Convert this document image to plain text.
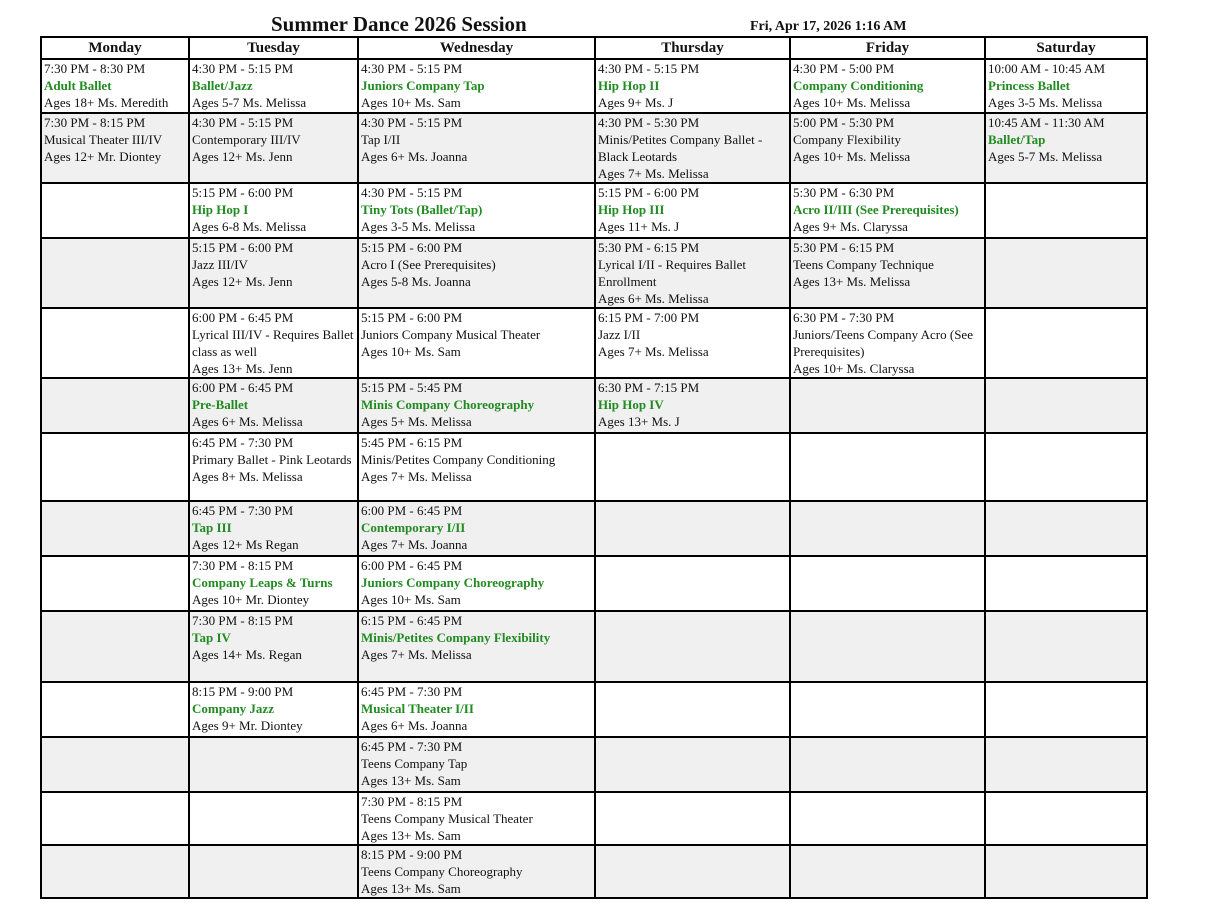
Summer Dance 2026 Session	Fri, Apr 17, 2026 1:16 AM
Monday	Tuesday	Wednesday	Thursday	Friday	Saturday

7:30 PM - 8:30 PM
Adult Ballet
Ages 18+ Ms. Meredith	4:30 PM - 5:15 PM
Ballet/Jazz
Ages 5-7 Ms. Melissa	4:30 PM - 5:15 PM
Juniors Company Tap
Ages 10+ Ms. Sam	4:30 PM - 5:15 PM
Hip Hop II
Ages 9+ Ms. J	4:30 PM - 5:00 PM
Company Conditioning
Ages 10+ Ms. Melissa	10:00 AM - 10:45 AM
Princess Ballet
Ages 3-5 Ms. Melissa

7:30 PM - 8:15 PM
Musical Theater III/IV
Ages 12+ Mr. Diontey	4:30 PM - 5:15 PM
Contemporary III/IV
Ages 12+ Ms. Jenn	4:30 PM - 5:15 PM
Tap I/II
Ages 6+ Ms. Joanna	4:30 PM - 5:30 PM
Minis/Petites Company Ballet - Black Leotards
Ages 7+ Ms. Melissa	5:00 PM - 5:30 PM
Company Flexibility
Ages 10+ Ms. Melissa	10:45 AM - 11:30 AM
Ballet/Tap
Ages 5-7 Ms. Melissa

	5:15 PM - 6:00 PM
Hip Hop I
Ages 6-8 Ms. Melissa	4:30 PM - 5:15 PM
Tiny Tots (Ballet/Tap)
Ages 3-5 Ms. Melissa	5:15 PM - 6:00 PM
Hip Hop III
Ages 11+ Ms. J	5:30 PM - 6:30 PM
Acro II/III (See Prerequisites)
Ages 9+ Ms. Claryssa	

	5:15 PM - 6:00 PM
Jazz III/IV
Ages 12+ Ms. Jenn	5:15 PM - 6:00 PM
Acro I (See Prerequisites)
Ages 5-8 Ms. Joanna	5:30 PM - 6:15 PM
Lyrical I/II - Requires Ballet Enrollment
Ages 6+ Ms. Melissa	5:30 PM - 6:15 PM
Teens Company Technique
Ages 13+ Ms. Melissa	

	6:00 PM - 6:45 PM
Lyrical III/IV - Requires Ballet class as well
Ages 13+ Ms. Jenn	5:15 PM - 6:00 PM
Juniors Company Musical Theater
Ages 10+ Ms. Sam	6:15 PM - 7:00 PM
Jazz I/II
Ages 7+ Ms. Melissa	6:30 PM - 7:30 PM
Juniors/Teens Company Acro (See Prerequisites)
Ages 10+ Ms. Claryssa	

	6:00 PM - 6:45 PM
Pre-Ballet
Ages 6+ Ms. Melissa	5:15 PM - 5:45 PM
Minis Company Choreography
Ages 5+ Ms. Melissa	6:30 PM - 7:15 PM
Hip Hop IV
Ages 13+ Ms. J		

	6:45 PM - 7:30 PM
Primary Ballet - Pink Leotards
Ages 8+ Ms. Melissa	5:45 PM - 6:15 PM
Minis/Petites Company Conditioning
Ages 7+ Ms. Melissa			

	6:45 PM - 7:30 PM
Tap III
Ages 12+ Ms Regan	6:00 PM - 6:45 PM
Contemporary I/II
Ages 7+ Ms. Joanna			

	7:30 PM - 8:15 PM
Company Leaps & Turns
Ages 10+ Mr. Diontey	6:00 PM - 6:45 PM
Juniors Company Choreography
Ages 10+ Ms. Sam			

	7:30 PM - 8:15 PM
Tap IV
Ages 14+ Ms. Regan	6:15 PM - 6:45 PM
Minis/Petites Company Flexibility
Ages 7+ Ms. Melissa			

	8:15 PM - 9:00 PM
Company Jazz
Ages 9+ Mr. Diontey	6:45 PM - 7:30 PM
Musical Theater I/II
Ages 6+ Ms. Joanna			

		6:45 PM - 7:30 PM
Teens Company Tap
Ages 13+ Ms. Sam			

		7:30 PM - 8:15 PM
Teens Company Musical Theater
Ages 13+ Ms. Sam			

		8:15 PM - 9:00 PM
Teens Company Choreography
Ages 13+ Ms. Sam			
